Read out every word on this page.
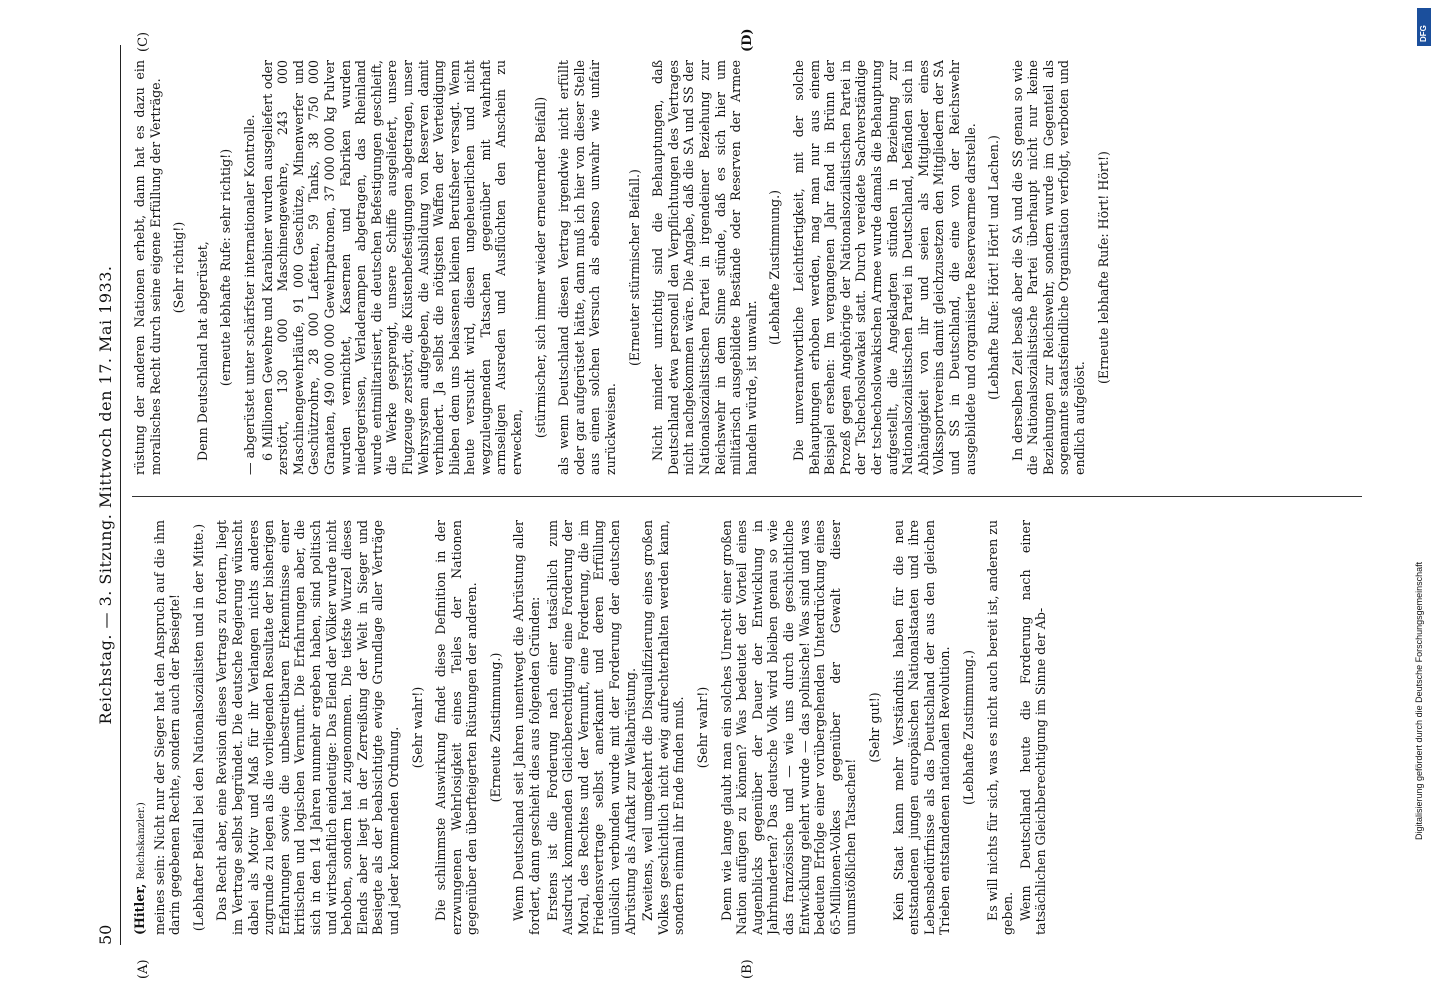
50
Reichstag. — 3. Sitzung. Mittwoch den 17. Mai 1933.
(A)	(B)
(C)	(D)

(Hitler, Reichskanzler.) meines sein: Nicht nur der Sieger hat den Anspruch auf die ihm darin gegebenen Rechte, sondern auch der Besiegte! (Lebhafter Beifall bei den Nationalsozialisten und in der Mitte.) Das Recht aber, eine Revision dieses Vertrags zu fordern, liegt im Vertrage selbst begründet. Die deutsche Regierung wünscht dabei als Motiv und Maß für ihr Verlangen nichts anderes zugrunde zu legen als die vorliegenden Resultate der bisherigen Erfahrungen sowie die unbestreitbaren Erkenntnisse einer kritischen und logischen Vernunft. Die Erfahrungen aber, die sich in den 14 Jahren nunmehr ergeben haben, sind politisch und wirtschaftlich eindeutige: Das Elend der Völker wurde nicht behoben, sondern hat zugenommen. Die tiefste Wurzel dieses Elends aber liegt in der Zerreißung der Welt in Sieger und Besiegte als der beabsichtigte ewige Grundlage aller Verträge und jeder kommenden Ordnung. (Sehr wahr!) Die schlimmste Auswirkung findet diese Definition in der erzwungenen Wehrlosigkeit eines Teiles der Nationen gegenüber den überfteigerten Rüstungen der anderen. (Erneute Zustimmung.) Wenn Deutschland seit Jahren unentwegt die Abrüstung aller fordert, dann geschieht dies aus folgenden Gründen: Erstens ist die Forderung nach einer tatsächlich zum Ausdruck kommenden Gleichberechtigung eine Forderung der Moral, des Rechtes und der Vernunft, eine Forderung, die im Friedensvertrage selbst anerkannt und deren Erfüllung unlöslich verbunden wurde mit der Forderung der deutschen Abrüstung als Auftakt zur Weltabrüstung. Zweitens, weil umgekehrt die Disqualifizierung eines großen Volkes geschichtlich nicht ewig aufrechterhalten werden kann, sondern einmal ihr Ende finden muß. (Sehr wahr!) Denn wie lange glaubt man ein solches Unrecht einer großen Nation aufügen zu können? Was bedeutet der Vorteil eines Augenblicks gegenüber der Dauer der Entwicklung in Jahrhunderten? Das deutsche Volk wird bleiben genau so wie das französische und — wie uns durch die geschichtliche Entwicklung gelehrt wurde — das polnische! Was sind und was bedeuten Erfolge einer vorübergehenden Unterdrückung eines 65-Millionen-Volkes gegenüber der Gewalt dieser unumstößlichen Tatsachen!

(Sehr gut!) Kein Staat kann mehr Verständnis haben für die neu entstandenen jungen europäischen Nationalstaaten und ihre Lebensbedürfnisse als das Deutschland der aus den gleichen Trieben entstandenen nationalen Revolution. (Lebhafte Zustimmung.) Es will nichts für sich, was es nicht auch bereit ist, anderen zu geben. Wenn Deutschland heute die Forderung nach einer tatsächlichen Gleichberechtigung im Sinne der Ab-

rüstung der anderen Nationen erhebt, dann hat es dazu ein moralisches Recht durch seine eigene Erfüllung der Verträge. (Sehr richtig!) Denn Deutschland hat abgerüstet, (erneute lebhafte Rufe: sehr richtig!) — abgerüstet unter schärfster internationaler Kontrolle. 6 Millionen Gewehre und Karabiner wurden ausgeliefert oder zerstört, 130 000 Maschinengewehre, 243 000 Maschinengewehrläufe, 91 000 Geschütze, Minenwerfer und Geschützrohre, 28 000 Lafetten, 59 Tanks, 38 750 000 Granaten, 490 000 000 Gewehrpatronen, 37 000 000 kg Pulver wurden vernichtet, Kasernen und Fabriken wurden niedergerissen, Verladerampen abgetragen, das Rheinland wurde entmilitarisiert, die deutschen Befestigungen geschleift, die Werke gesprengt, unsere Schiffe ausgeliefert, unsere Flugzeuge zerstört, die Küstenbefestigungen abgetragen, unser Wehrsystem aufgegeben, die Ausbildung von Reserven damit verhindert. Ja selbst die nötigsten Waffen der Verteidigung blieben dem uns belassenen kleinen Berufsheer versagt. Wenn heute versucht wird, diesen ungeheuerlichen und nicht wegzuleugnenden Tatsachen gegenüber mit wahrhaft armseligen Ausreden und Ausflüchten den Anschein zu erwecken,

(stürmischer, sich immer wieder erneuernder Beifall) als wenn Deutschland diesen Vertrag irgendwie nicht erfüllt oder gar aufgerüstet hätte, dann muß ich hier von dieser Stelle aus einen solchen Versuch als ebenso unwahr wie unfair zurückweisen.

(Erneuter stürmischer Beifall.) Nicht minder unrichtig sind die Behauptungen, daß Deutschland etwa personell den Verpflichtungen des Vertrages nicht nachgekommen wäre. Die Angabe, daß die SA und SS der Nationalsozialistischen Partei in irgendeiner Beziehung zur Reichswehr in dem Sinne stünde, daß es sich hier um militärisch ausgebildete Bestände oder Reserven der Armee handeln würde, ist unwahr.

(Lebhafte Zustimmung.) Die unverantwortliche Leichtfertigkeit, mit der solche Behauptungen erhoben werden, mag man nur aus einem Beispiel ersehen: Im vergangenen Jahr fand in Brünn der Prozeß gegen Angehörige der Nationalsozialistischen Partei in der Tschechoslowakei statt. Durch vereidete Sachverständige der tschechoslowakischen Armee wurde damals die Behauptung aufgestellt, die Angeklagten stünden in Beziehung zur Nationalsozialistischen Partei in Deutschland, befänden sich in Abhängigkeit von ihr und seien als Mitglieder eines Volkssportvereins damit gleichzusetzen den Mitgliedern der SA und SS in Deutschland, die eine von der Reichswehr ausgebildete und organisierte Reservearmee darstelle. (Lebhafte Rufe: Hört! Hört! und Lachen.) In derselben Zeit besaß aber die SA und die SS genau so wie die Nationalsozialistische Partei überhaupt nicht nur keine Beziehungen zur Reichswehr, sondern wurde im Gegenteil als sogenannte staatsfeindliche Organisation verfolgt, verboten und endlich aufgelöst.

(Erneute lebhafte Rufe: Hört! Hört!)

DFG
Digitalisierung gefördert durch die Deutsche Forschungsgemeinschaft
